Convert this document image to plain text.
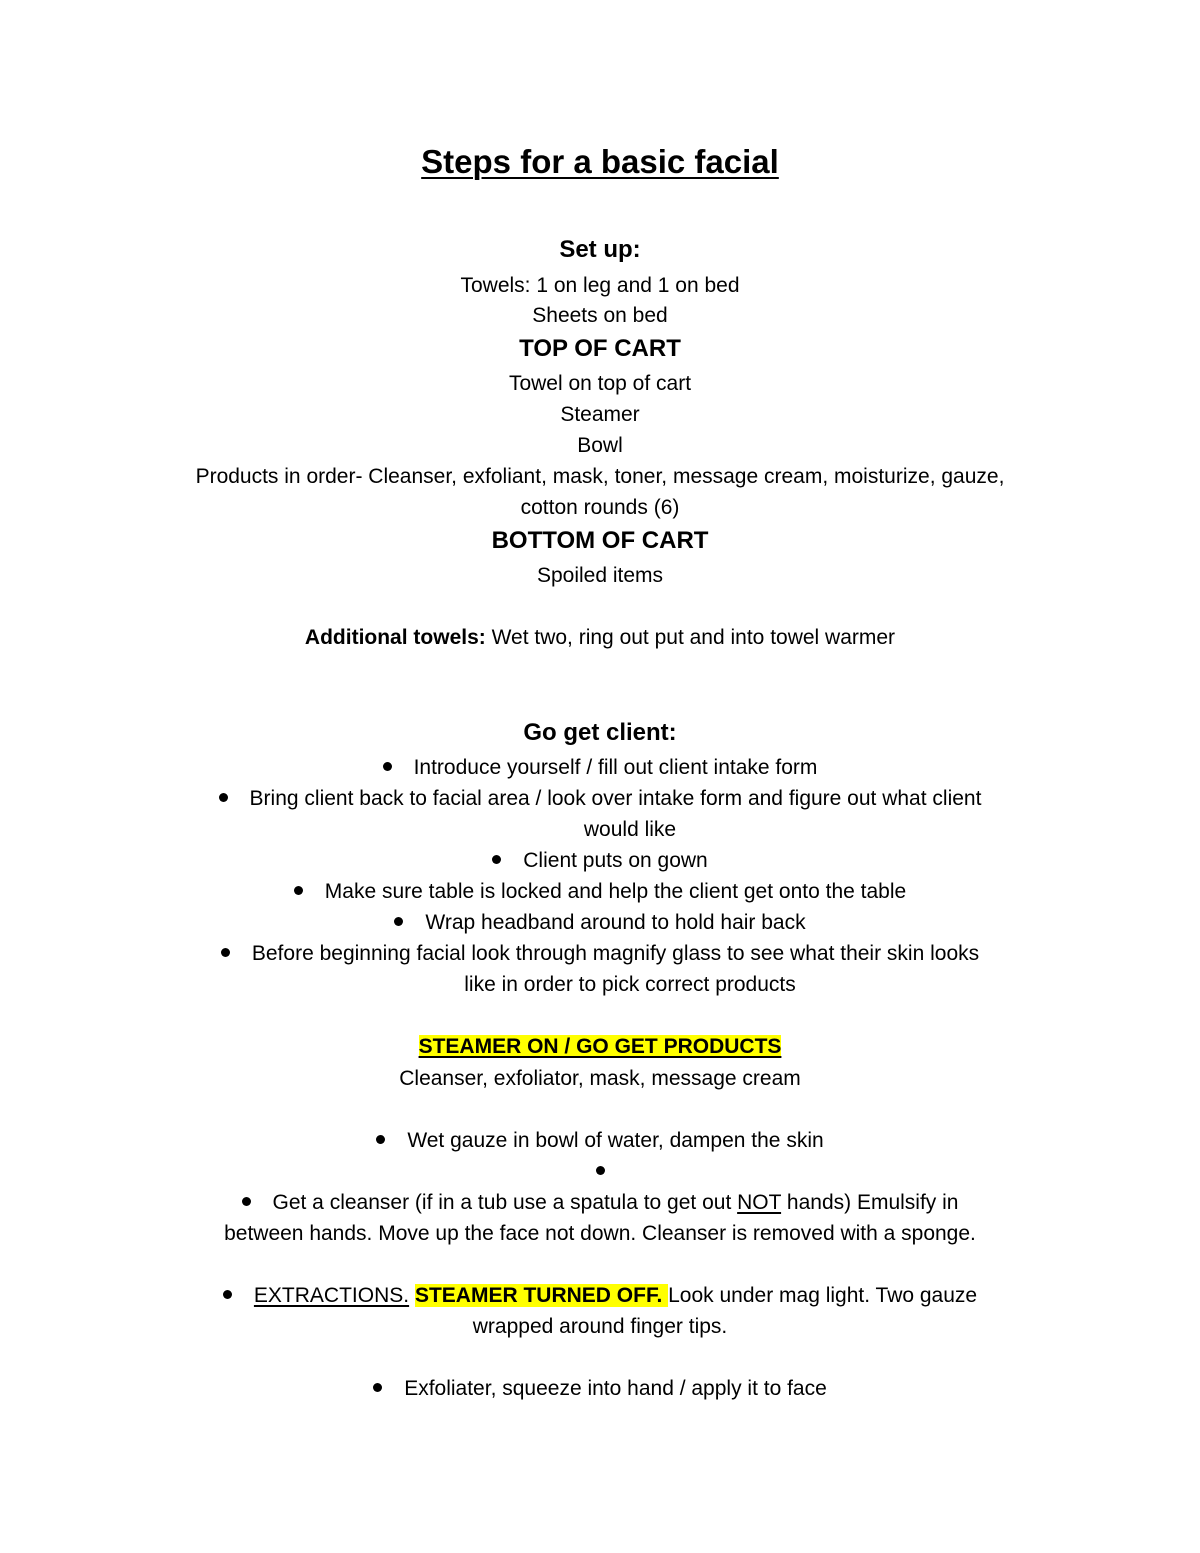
Steps for a basic facial
Set up:
Towels: 1 on leg and 1 on bed
Sheets on bed
TOP OF CART
Towel on top of cart
Steamer
Bowl
Products in order- Cleanser, exfoliant, mask, toner, message cream, moisturize, gauze,
cotton rounds (6)
BOTTOM OF CART
Spoiled items
Additional towels: Wet two, ring out put and into towel warmer
Go get client:
Introduce yourself / fill out client intake form
Bring client back to facial area / look over intake form and figure out what client
would like
Client puts on gown
Make sure table is locked and help the client get onto the table
Wrap headband around to hold hair back
Before beginning facial look through magnify glass to see what their skin looks
like in order to pick correct products
STEAMER ON / GO GET PRODUCTS
Cleanser, exfoliator, mask, message cream
Wet gauze in bowl of water, dampen the skin
Get a cleanser (if in a tub use a spatula to get out NOT hands) Emulsify in
between hands. Move up the face not down. Cleanser is removed with a sponge.
EXTRACTIONS. STEAMER TURNED OFF. Look under mag light. Two gauze
wrapped around finger tips.
Exfoliater, squeeze into hand / apply it to face
